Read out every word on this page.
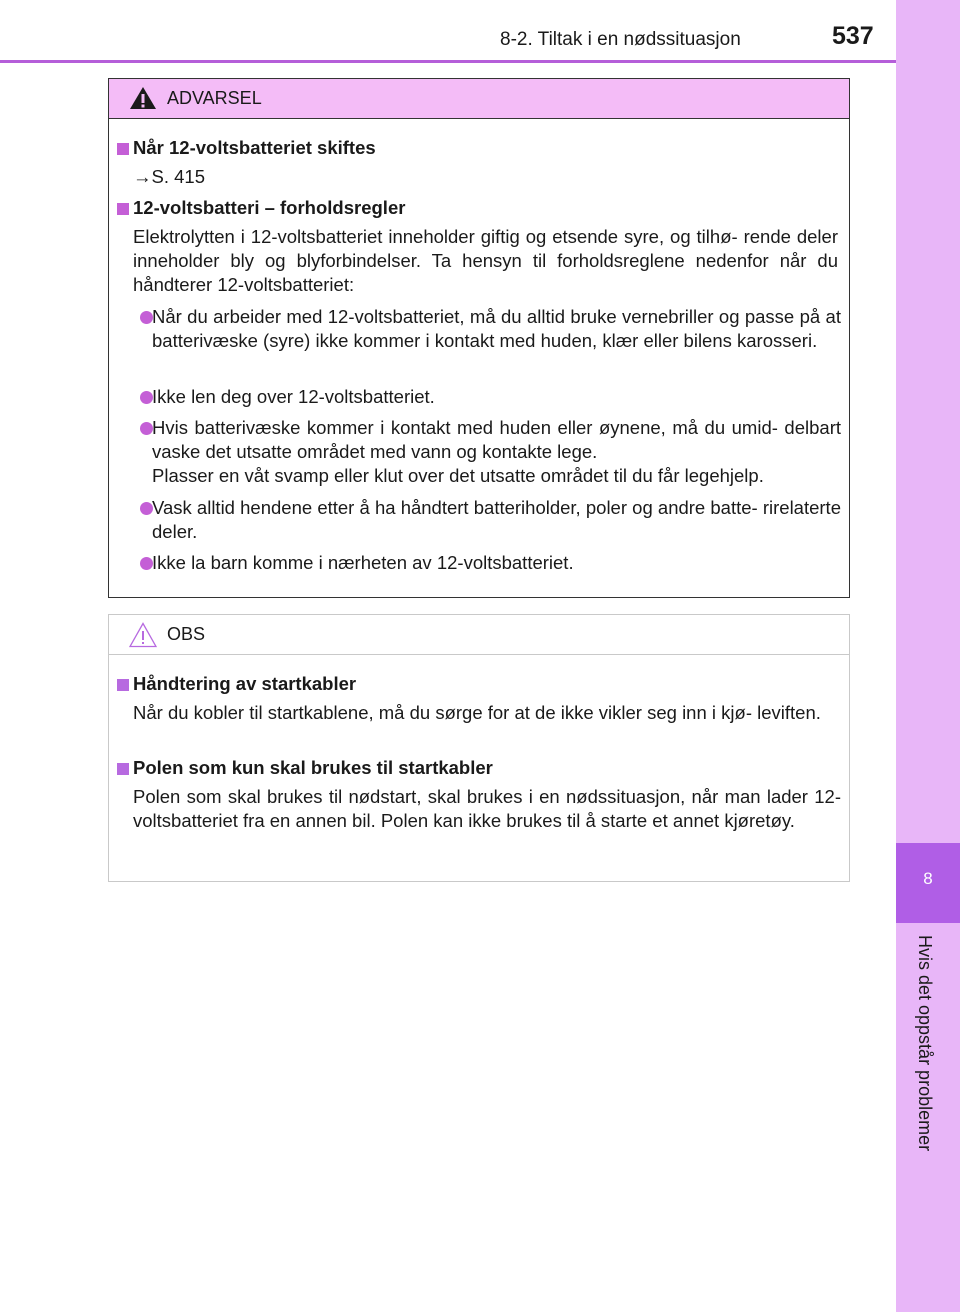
8-2. Tiltak i en nødssituasjon	537
8
Hvis det oppstår problemer
ADVARSEL
Når 12-voltsbatteriet skiftes
→S. 415
12-voltsbatteri – forholdsregler
Elektrolytten i 12-voltsbatteriet inneholder giftig og etsende syre, og tilhø- rende deler inneholder bly og blyforbindelser. Ta hensyn til forholdsreglene nedenfor når du håndterer 12-voltsbatteriet:
Når du arbeider med 12-voltsbatteriet, må du alltid bruke vernebriller og passe på at batterivæske (syre) ikke kommer i kontakt med huden, klær eller bilens karosseri.
Ikke len deg over 12-voltsbatteriet.
Hvis batterivæske kommer i kontakt med huden eller øynene, må du umid- delbart vaske det utsatte området med vann og kontakte lege.
Plasser en våt svamp eller klut over det utsatte området til du får legehjelp.
Vask alltid hendene etter å ha håndtert batteriholder, poler og andre batte- rirelaterte deler.
Ikke la barn komme i nærheten av 12-voltsbatteriet.
OBS
Håndtering av startkabler
Når du kobler til startkablene, må du sørge for at de ikke vikler seg inn i kjø- leviften.
Polen som kun skal brukes til startkabler
Polen som skal brukes til nødstart, skal brukes i en nødssituasjon, når man lader 12-voltsbatteriet fra en annen bil. Polen kan ikke brukes til å starte et annet kjøretøy.
